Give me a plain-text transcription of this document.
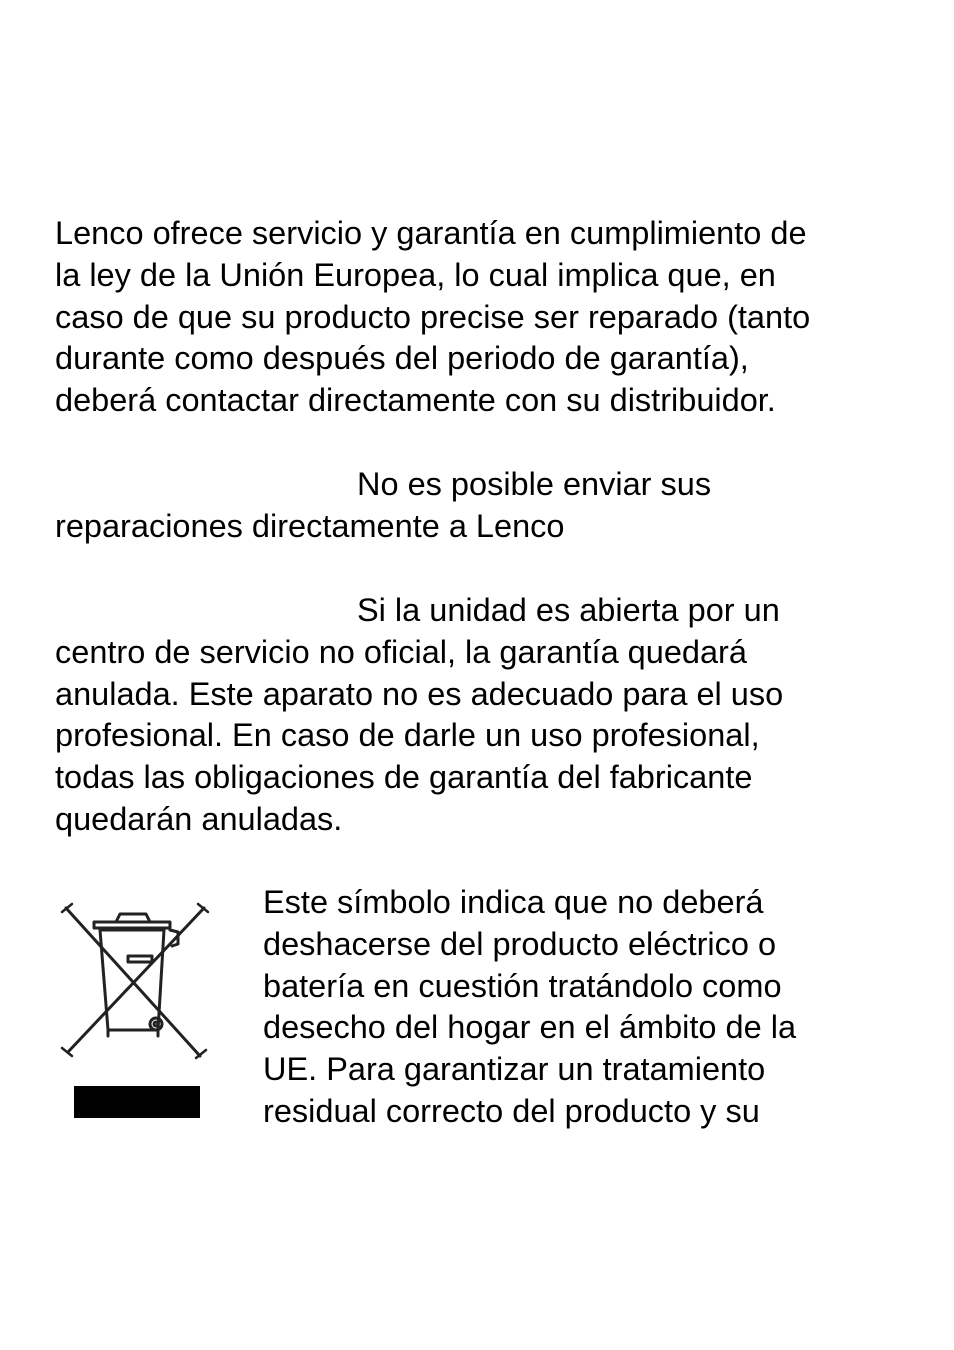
Lenco ofrece servicio y garantía en cumplimiento de
la ley de la Unión Europea, lo cual implica que, en
caso de que su producto precise ser reparado (tanto
durante como después del periodo de garantía),
deberá contactar directamente con su distribuidor.

No es posible enviar sus
reparaciones directamente a Lenco

Si la unidad es abierta por un
centro de servicio no oficial, la garantía quedará
anulada. Este aparato no es adecuado para el uso
profesional. En caso de darle un uso profesional,
todas las obligaciones de garantía del fabricante
quedarán anuladas.

Este símbolo indica que no deberá
deshacerse del producto eléctrico o
batería en cuestión tratándolo como
desecho del hogar en el ámbito de la
UE. Para garantizar un tratamiento
residual correcto del producto y su
